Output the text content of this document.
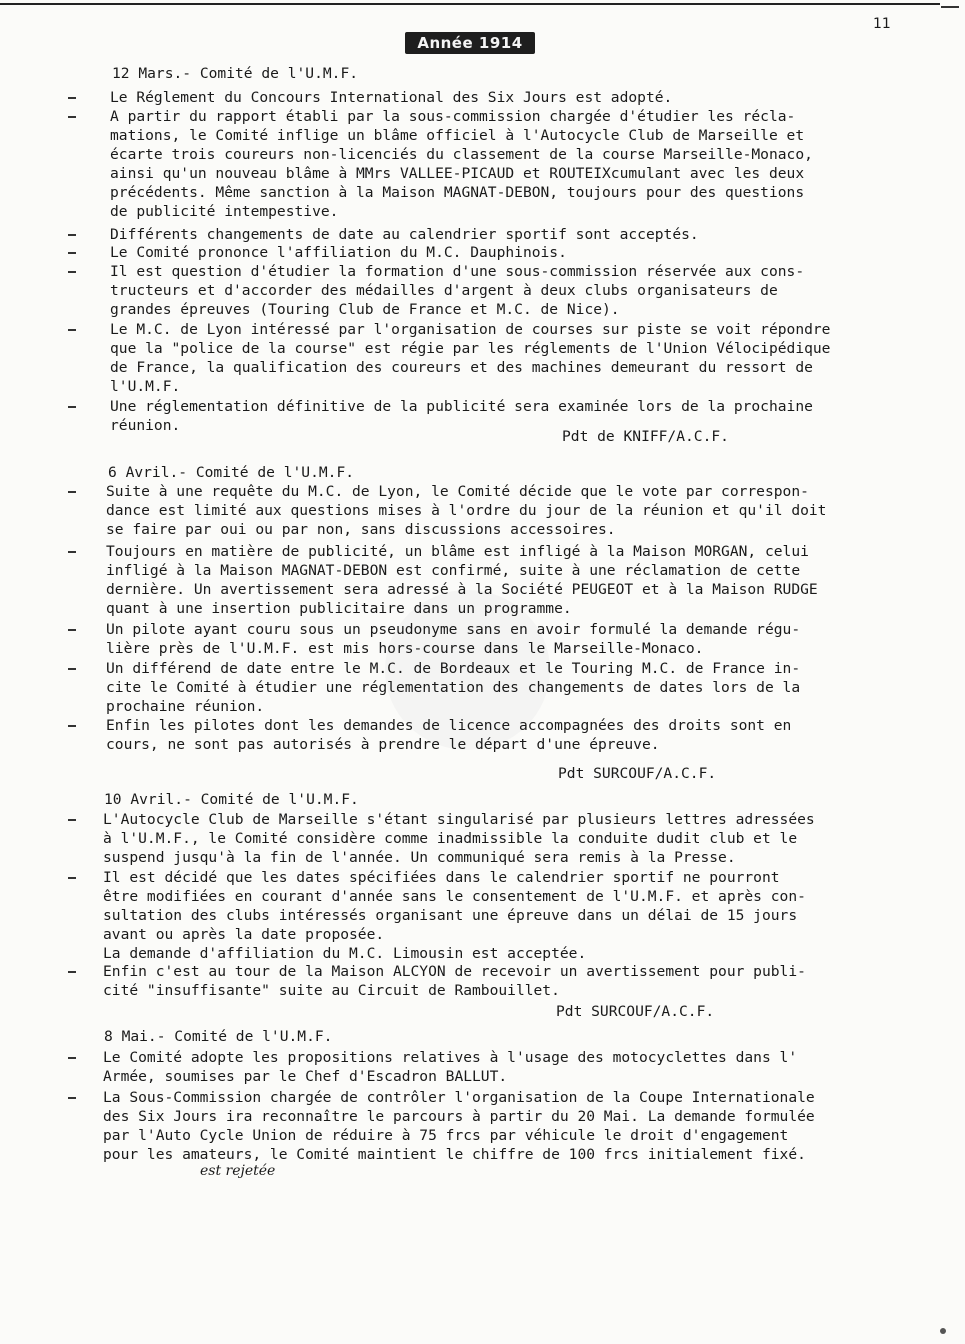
11
Année 1914

12 Mars.- Comité de l'U.M.F.

Le Réglement du Concours International des Six Jours est adopté.

A partir du rapport établi par la sous-commission chargée d'étudier les récla-

mations, le Comité inflige un blâme officiel à l'Autocycle Club de Marseille et

écarte trois coureurs non-licenciés du classement de la course Marseille-Monaco,

ainsi qu'un nouveau blâme à MMrs VALLEE-PICAUD et ROUTEIXcumulant avec les deux

précédents. Même sanction à la Maison MAGNAT-DEBON, toujours pour des questions

de publicité intempestive.

Différents changements de date au calendrier sportif sont acceptés.

Le Comité prononce l'affiliation du M.C. Dauphinois.

Il est question d'étudier la formation d'une sous-commission réservée aux cons-

tructeurs et d'accorder des médailles d'argent à deux clubs organisateurs de

grandes épreuves (Touring Club de France et M.C. de Nice).

Le M.C. de Lyon intéressé par l'organisation de courses sur piste se voit répondre

que la "police de la course" est régie par les réglements de l'Union Vélocipédique

de France, la qualification des coureurs et des machines demeurant du ressort de

l'U.M.F.

Une réglementation définitive de la publicité sera examinée lors de la prochaine

réunion.

Pdt de KNIFF/A.C.F.

6 Avril.- Comité de l'U.M.F.

Suite à une requête du M.C. de Lyon, le Comité décide que le vote par correspon-

dance est limité aux questions mises à l'ordre du jour de la réunion et qu'il doit

se faire par oui ou par non, sans discussions accessoires.

Toujours en matière de publicité, un blâme est infligé à la Maison MORGAN, celui

infligé à la Maison MAGNAT-DEBON est confirmé, suite à une réclamation de cette

dernière. Un avertissement sera adressé à la Société PEUGEOT et à la Maison RUDGE

quant à une insertion publicitaire dans un programme.

Un pilote ayant couru sous un pseudonyme sans en avoir formulé la demande régu-

lière près de l'U.M.F. est mis hors-course dans le Marseille-Monaco.

Un différend de date entre le M.C. de Bordeaux et le Touring M.C. de France in-

cite le Comité à étudier une réglementation des changements de dates lors de la

prochaine réunion.

Enfin les pilotes dont les demandes de licence accompagnées des droits sont en

cours, ne sont pas autorisés à prendre le départ d'une épreuve.

Pdt SURCOUF/A.C.F.

10 Avril.- Comité de l'U.M.F.

L'Autocycle Club de Marseille s'étant singularisé par plusieurs lettres adressées

à l'U.M.F., le Comité considère comme inadmissible la conduite dudit club et le

suspend jusqu'à la fin de l'année. Un communiqué sera remis à la Presse.

Il est décidé que les dates spécifiées dans le calendrier sportif ne pourront

être modifiées en courant d'année sans le consentement de l'U.M.F. et après con-

sultation des clubs intéressés organisant une épreuve dans un délai de 15 jours

avant ou après la date proposée.

La demande d'affiliation du M.C. Limousin est acceptée.

Enfin c'est au tour de la Maison ALCYON de recevoir un avertissement pour publi-

cité "insuffisante" suite au Circuit de Rambouillet.

Pdt SURCOUF/A.C.F.

8 Mai.- Comité de l'U.M.F.

Le Comité adopte les propositions relatives à l'usage des motocyclettes dans l'

Armée, soumises par le Chef d'Escadron BALLUT.

La Sous-Commission chargée de contrôler l'organisation de la Coupe Internationale

des Six Jours ira reconnaître le parcours à partir du 20 Mai. La demande formulée

par l'Auto Cycle Union de réduire à 75 frcs par véhicule le droit d'engagement

pour les amateurs, le Comité maintient le chiffre de 100 frcs initialement fixé.

est rejetée
